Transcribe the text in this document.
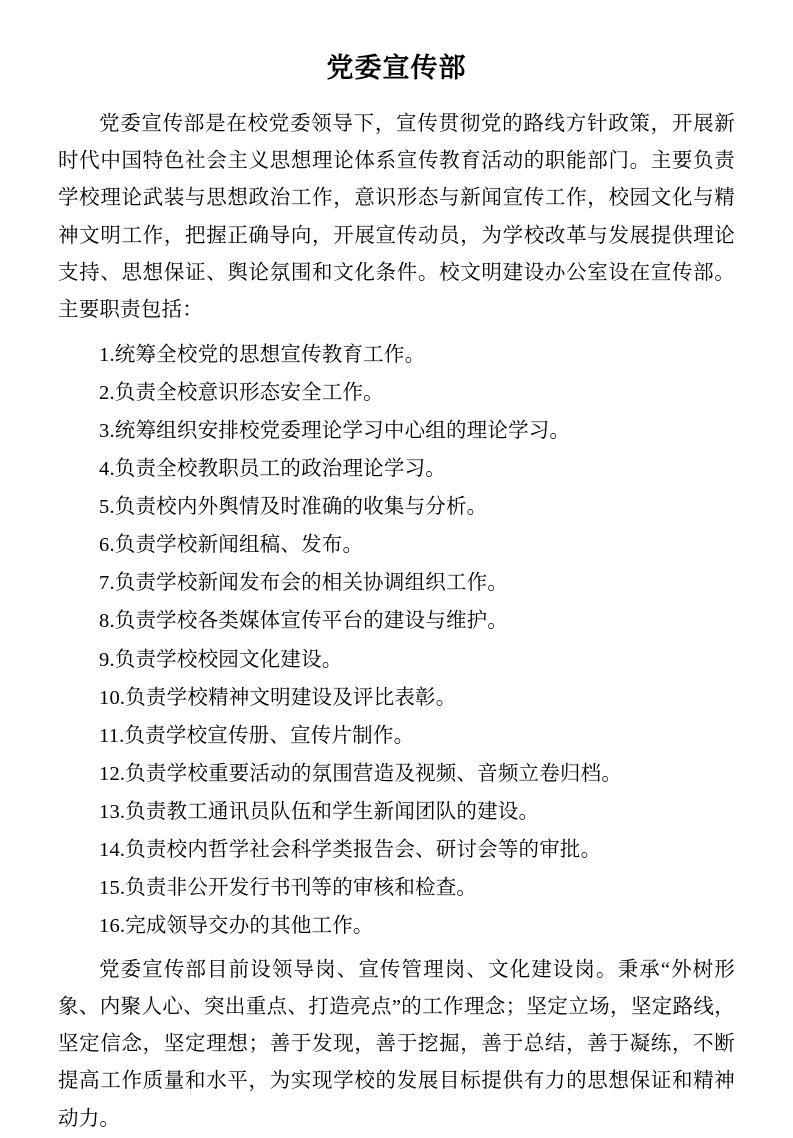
党委宣传部

党委宣传部是在校党委领导下，宣传贯彻党的路线方针政策，开展新时代中国特色社会主义思想理论体系宣传教育活动的职能部门。主要负责学校理论武装与思想政治工作，意识形态与新闻宣传工作，校园文化与精神文明工作，把握正确导向，开展宣传动员，为学校改革与发展提供理论支持、思想保证、舆论氛围和文化条件。校文明建设办公室设在宣传部。主要职责包括：

1.统筹全校党的思想宣传教育工作。
2.负责全校意识形态安全工作。
3.统筹组织安排校党委理论学习中心组的理论学习。
4.负责全校教职员工的政治理论学习。
5.负责校内外舆情及时准确的收集与分析。
6.负责学校新闻组稿、发布。
7.负责学校新闻发布会的相关协调组织工作。
8.负责学校各类媒体宣传平台的建设与维护。
9.负责学校校园文化建设。
10.负责学校精神文明建设及评比表彰。
11.负责学校宣传册、宣传片制作。
12.负责学校重要活动的氛围营造及视频、音频立卷归档。
13.负责教工通讯员队伍和学生新闻团队的建设。
14.负责校内哲学社会科学类报告会、研讨会等的审批。
15.负责非公开发行书刊等的审核和检查。
16.完成领导交办的其他工作。

党委宣传部目前设领导岗、宣传管理岗、文化建设岗。秉承“外树形象、内聚人心、突出重点、打造亮点”的工作理念；坚定立场，坚定路线，坚定信念，坚定理想；善于发现，善于挖掘，善于总结，善于凝练，不断提高工作质量和水平，为实现学校的发展目标提供有力的思想保证和精神动力。
